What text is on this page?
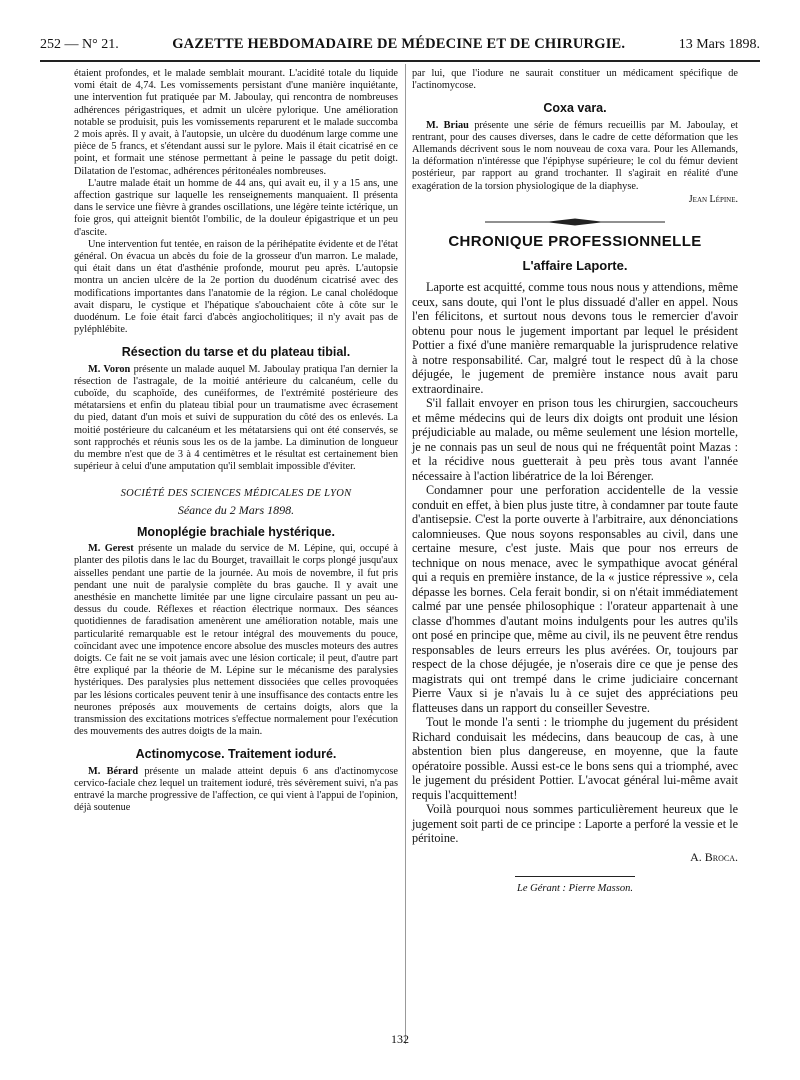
252 — N° 21.	GAZETTE HEBDOMADAIRE DE MÉDECINE ET DE CHIRURGIE.	13 Mars 1898.

étaient profondes, et le malade semblait mourant. L'acidité totale du liquide vomi était de 4,74. Les vomissements persistant d'une manière inquiétante, une intervention fut pratiquée par M. Jaboulay, qui rencontra de nombreuses adhérences périgastriques, et admit un ulcère pylorique. Une amélioration notable se produisit, puis les vomissements reparurent et le malade succomba 2 mois après. Il y avait, à l'autopsie, un ulcère du duodénum large comme une pièce de 5 francs, et s'étendant aussi sur le pylore. Mais il était cicatrisé en ce point, et formait une sténose permettant à peine le passage du petit doigt. Dilatation de l'estomac, adhérences péritonéales nombreuses.

L'autre malade était un homme de 44 ans, qui avait eu, il y a 15 ans, une affection gastrique sur laquelle les renseignements manquaient. Il présenta dans le service une fièvre à grandes oscillations, une légère teinte ictérique, un foie gros, qui atteignit bientôt l'ombilic, de la douleur épigastrique et un peu d'ascite.

Une intervention fut tentée, en raison de la périhépatite évidente et de l'état général. On évacua un abcès du foie de la grosseur d'un marron. Le malade, qui était dans un état d'asthénie profonde, mourut peu après. L'autopsie montra un ancien ulcère de la 2e portion du duodénum cicatrisé avec des modifications importantes dans l'anatomie de la région. Le canal cholédoque avait disparu, le cystique et l'hépatique s'abouchaient côte à côte sur le duodénum. Le foie était farci d'abcès angiocholitiques; il n'y avait pas de pyléphlébite.

Résection du tarse et du plateau tibial.

M. Voron présente un malade auquel M. Jaboulay pratiqua l'an dernier la résection de l'astragale, de la moitié antérieure du calcanéum, celle du cuboïde, du scaphoïde, des cunéiformes, de l'extrémité postérieure des métatarsiens et enfin du plateau tibial pour un traumatisme avec écrasement du pied, datant d'un mois et suivi de suppuration du côté des os enlevés. La moitié postérieure du calcanéum et les métatarsiens qui ont été conservés, se sont rapprochés et réunis sous les os de la jambe. La diminution de longueur du membre n'est que de 3 à 4 centimètres et le résultat est certainement bien supérieur à celui d'une amputation qu'il semblait impossible d'éviter.

SOCIÉTÉ DES SCIENCES MÉDICALES DE LYON
Séance du 2 Mars 1898.
Monoplégie brachiale hystérique.

M. Gerest présente un malade du service de M. Lépine, qui, occupé à planter des pilotis dans le lac du Bourget, travaillait le corps plongé jusqu'aux aisselles pendant une partie de la journée. Au mois de novembre, il fut pris pendant une nuit de paralysie complète du bras gauche. Il y avait une anesthésie en manchette limitée par une ligne circulaire passant un peu au-dessus du coude. Réflexes et réaction électrique normaux. Des séances quotidiennes de faradisation amenèrent une amélioration notable, mais une particularité remarquable est le retour intégral des mouvements du pouce, coïncidant avec une impotence encore absolue des muscles moteurs des autres doigts. Ce fait ne se voit jamais avec une lésion corticale; il peut, d'autre part être expliqué par la théorie de M. Lépine sur le mécanisme des paralysies hystériques. Des paralysies plus nettement dissociées que celles provoquées par les lésions corticales peuvent tenir à une insuffisance des contacts entre les neurones préposés aux mouvements de certains doigts, alors que la transmission des excitations motrices s'effectue normalement pour l'exécution des mouvements des autres doigts de la main.

Actinomycose. Traitement ioduré.

M. Bérard présente un malade atteint depuis 6 ans d'actinomycose cervico-faciale chez lequel un traitement ioduré, très sévèrement suivi, n'a pas entravé la marche progressive de l'affection, ce qui vient à l'appui de l'opinion, déjà soutenue

par lui, que l'iodure ne saurait constituer un médicament spécifique de l'actinomycose.

Coxa vara.

M. Briau présente une série de fémurs recueillis par M. Jaboulay, et rentrant, pour des causes diverses, dans le cadre de cette déformation que les Allemands décrivent sous le nom nouveau de coxa vara. Pour les Allemands, la déformation n'intéresse que l'épiphyse supérieure; le col du fémur devient postérieur, par rapport au grand trochanter. Il s'agirait en réalité d'une exagération de la torsion physiologique de la diaphyse.

Jean Lépine.
CHRONIQUE PROFESSIONNELLE
L'affaire Laporte.

Laporte est acquitté, comme tous nous nous y attendions, même ceux, sans doute, qui l'ont le plus dissuadé d'aller en appel. Nous l'en félicitons, et surtout nous devons tous le remercier d'avoir obtenu pour nous le jugement important par lequel le président Pottier a fixé d'une manière remarquable la jurisprudence relative à notre responsabilité. Car, malgré tout le respect dû à la chose déjugée, le jugement de première instance nous avait paru extraordinaire.

S'il fallait envoyer en prison tous les chirurgien, saccoucheurs et même médecins qui de leurs dix doigts ont produit une lésion préjudiciable au malade, ou même seulement une lésion mortelle, je ne connais pas un seul de nous qui ne fréquentât point Mazas : et la récidive nous guetterait à peu près tous avant l'année nécessaire à l'action libératrice de la loi Bérenger.

Condamner pour une perforation accidentelle de la vessie conduit en effet, à bien plus juste titre, à condamner par toute faute d'antisepsie. C'est la porte ouverte à l'arbitraire, aux dénonciations calomnieuses. Que nous soyons responsables au civil, dans une certaine mesure, c'est juste. Mais que pour nos erreurs de technique on nous menace, avec le sympathique avocat général qui a requis en première instance, de la « justice répressive », cela dépasse les bornes. Cela ferait bondir, si on n'était immédiatement calmé par une pensée philosophique : l'orateur appartenait à une classe d'hommes d'autant moins indulgents pour les autres qu'ils ont posé en principe que, même au civil, ils ne peuvent être rendus responsables de leurs erreurs les plus avérées. Or, toujours par respect de la chose déjugée, je n'oserais dire ce que je pense des magistrats qui ont trempé dans le crime judiciaire concernant Pierre Vaux si je n'avais lu à ce sujet des appréciations peu flatteuses dans un rapport du conseiller Sevestre.

Tout le monde l'a senti : le triomphe du jugement du président Richard conduisait les médecins, dans beaucoup de cas, à une abstention bien plus dangereuse, en moyenne, que la faute opératoire possible. Aussi est-ce le bons sens qui a triomphé, avec le jugement du président Pottier. L'avocat général lui-même avait requis l'acquittement!

Voilà pourquoi nous sommes particulièrement heureux que le jugement soit parti de ce principe : Laporte a perforé la vessie et le péritoine.

A. Broca.
Le Gérant : Pierre Masson.
132
